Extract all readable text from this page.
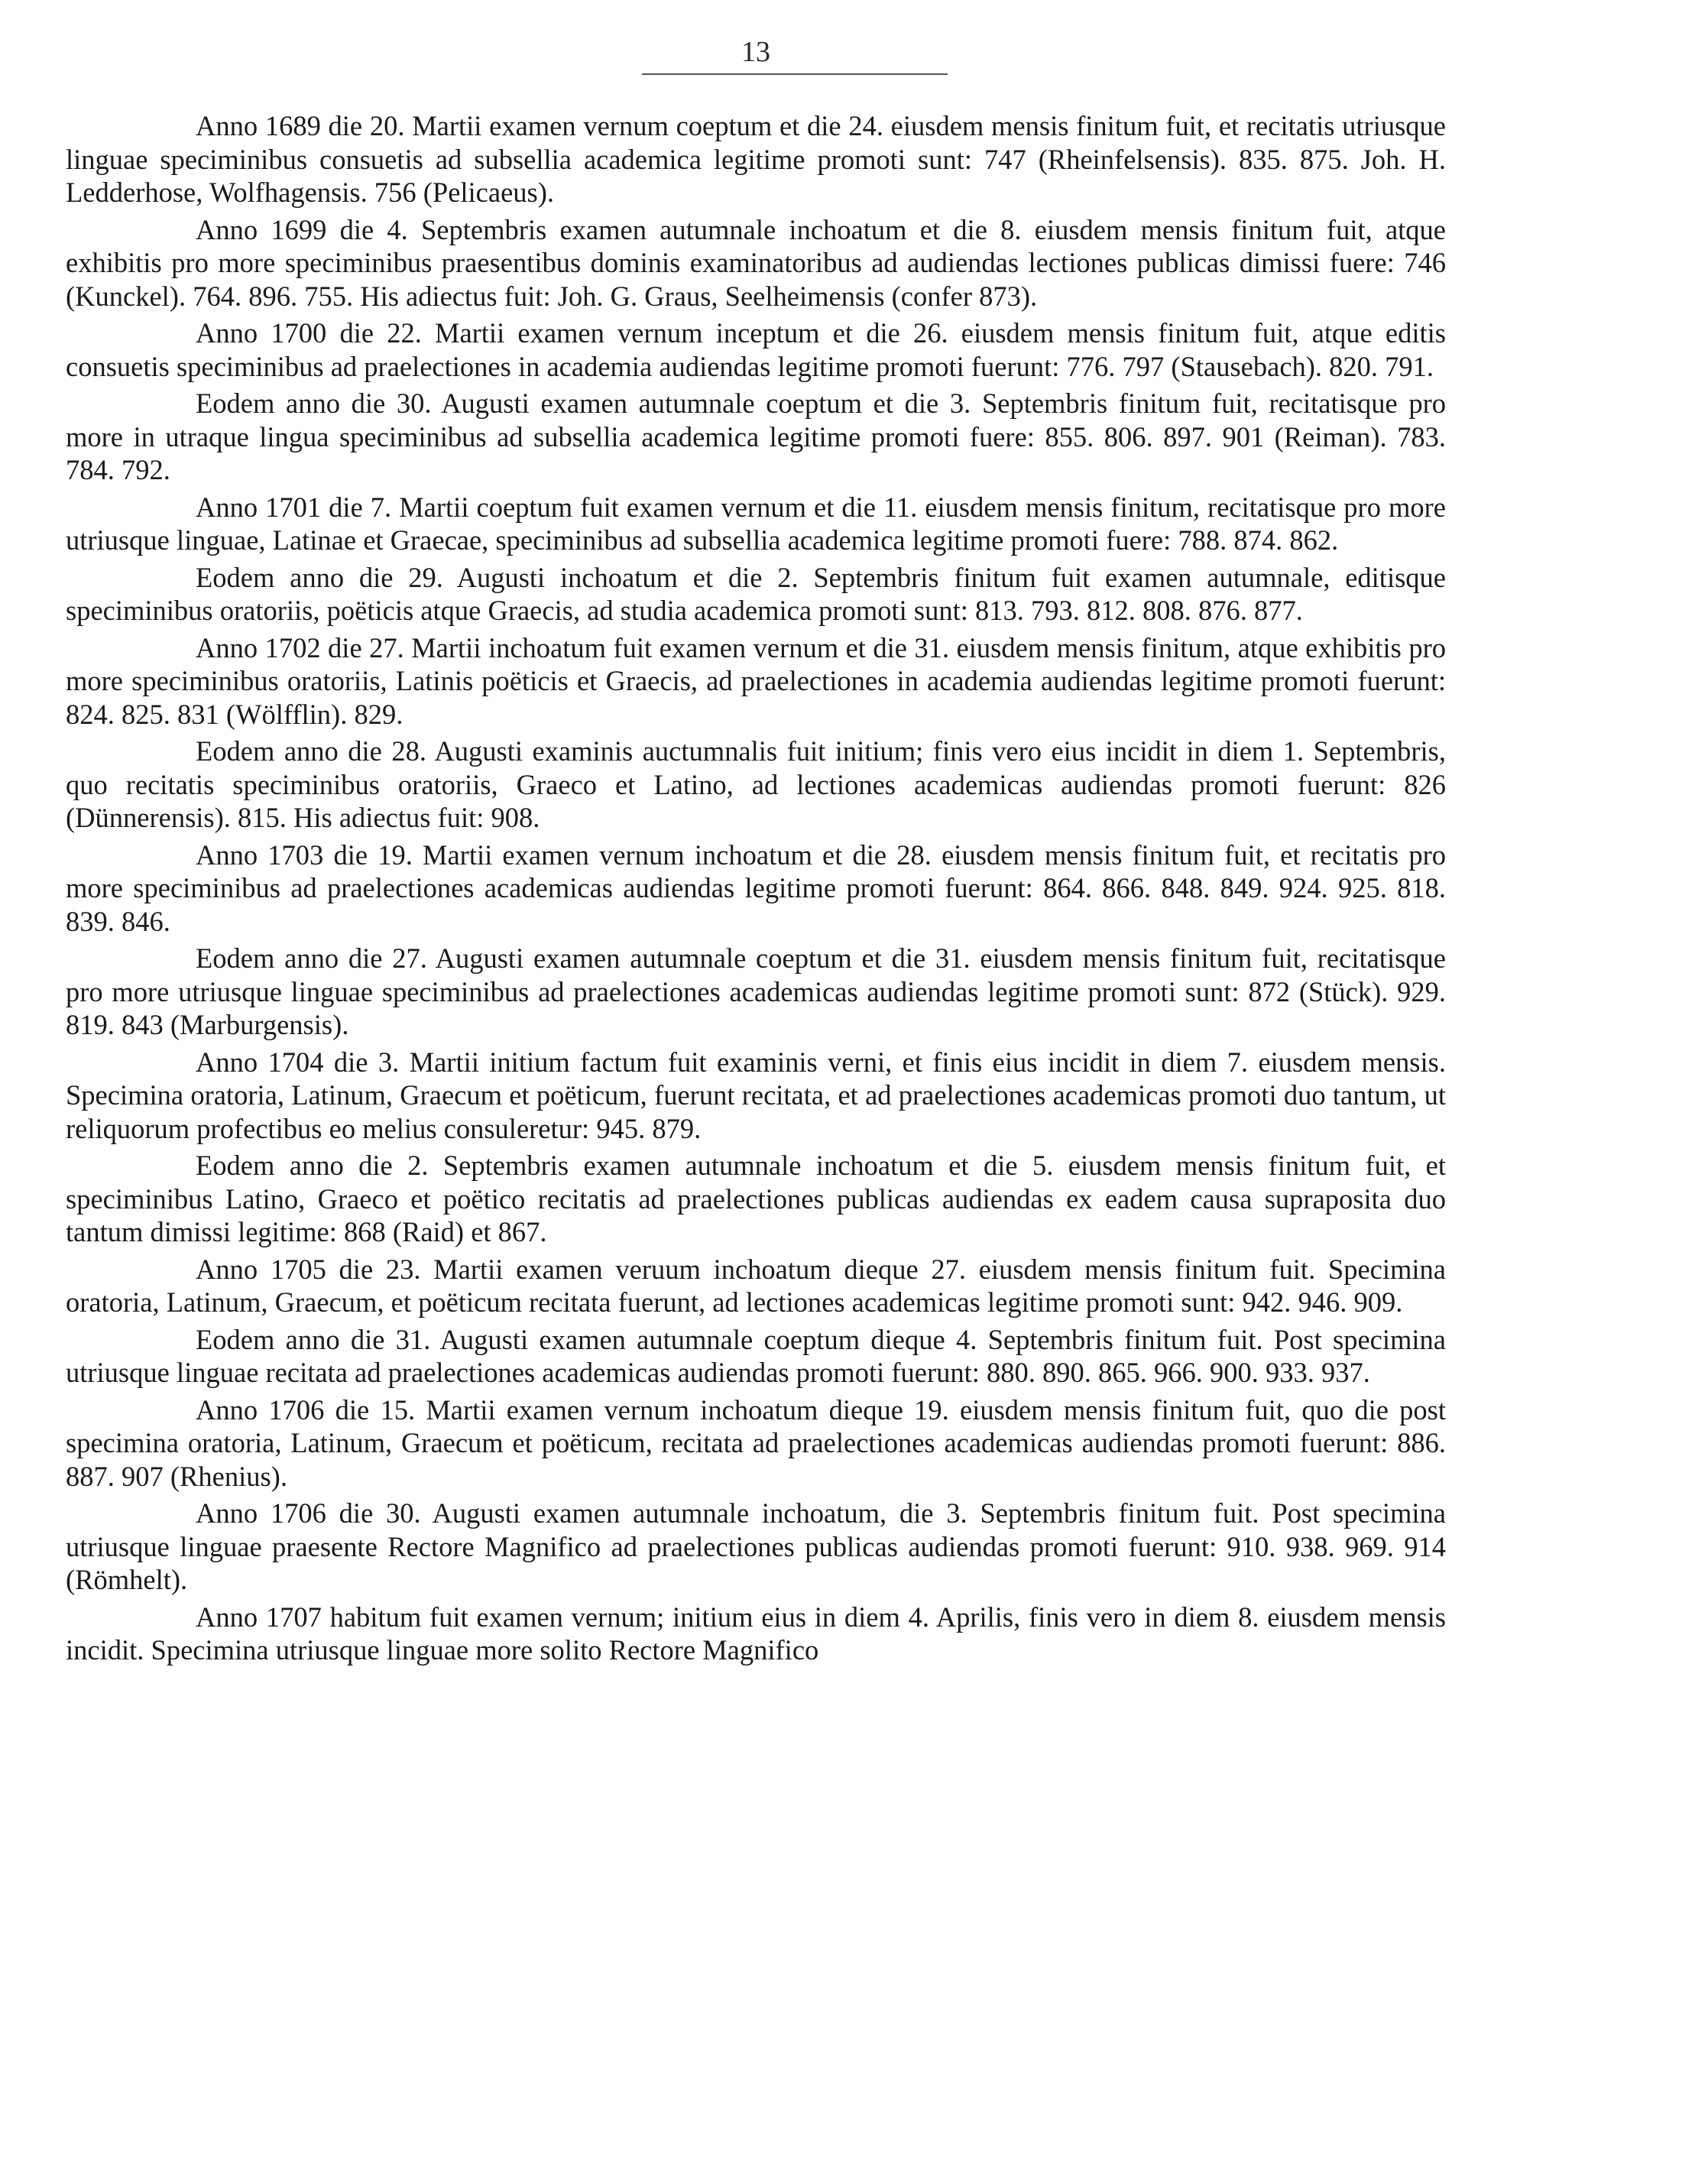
13

Anno 1689 die 20. Martii examen vernum coeptum et die 24. eiusdem mensis finitum fuit, et recitatis utriusque linguae speciminibus consuetis ad subsellia academica legitime promoti sunt: 747 (Rheinfelsensis). 835. 875. Joh. H. Ledderhose, Wolfhagensis. 756 (Pelicaeus).

Anno 1699 die 4. Septembris examen autumnale inchoatum et die 8. eiusdem mensis finitum fuit, atque exhibitis pro more speciminibus praesentibus dominis examinatoribus ad audiendas lectiones publicas dimissi fuere: 746 (Kunckel). 764. 896. 755. His adiectus fuit: Joh. G. Graus, Seelheimensis (confer 873).

Anno 1700 die 22. Martii examen vernum inceptum et die 26. eiusdem mensis finitum fuit, atque editis consuetis speciminibus ad praelectiones in academia audiendas legitime promoti fuerunt: 776. 797 (Stausebach). 820. 791.

Eodem anno die 30. Augusti examen autumnale coeptum et die 3. Septembris finitum fuit, recitatisque pro more in utraque lingua speciminibus ad subsellia academica legitime promoti fuere: 855. 806. 897. 901 (Reiman). 783. 784. 792.

Anno 1701 die 7. Martii coeptum fuit examen vernum et die 11. eiusdem mensis finitum, recitatisque pro more utriusque linguae, Latinae et Graecae, speciminibus ad subsellia academica legitime promoti fuere: 788. 874. 862.

Eodem anno die 29. Augusti inchoatum et die 2. Septembris finitum fuit examen autumnale, editisque speciminibus oratoriis, poëticis atque Graecis, ad studia academica promoti sunt: 813. 793. 812. 808. 876. 877.

Anno 1702 die 27. Martii inchoatum fuit examen vernum et die 31. eiusdem mensis finitum, atque exhibitis pro more speciminibus oratoriis, Latinis poëticis et Graecis, ad praelectiones in academia audiendas legitime promoti fuerunt: 824. 825. 831 (Wölfflin). 829.

Eodem anno die 28. Augusti examinis auctumnalis fuit initium; finis vero eius incidit in diem 1. Septembris, quo recitatis speciminibus oratoriis, Graeco et Latino, ad lectiones academicas audiendas promoti fuerunt: 826 (Dünnerensis). 815. His adiectus fuit: 908.

Anno 1703 die 19. Martii examen vernum inchoatum et die 28. eiusdem mensis finitum fuit, et recitatis pro more speciminibus ad praelectiones academicas audiendas legitime promoti fuerunt: 864. 866. 848. 849. 924. 925. 818. 839. 846.

Eodem anno die 27. Augusti examen autumnale coeptum et die 31. eiusdem mensis finitum fuit, recitatisque pro more utriusque linguae speciminibus ad praelectiones academicas audiendas legitime promoti sunt: 872 (Stück). 929. 819. 843 (Marburgensis).

Anno 1704 die 3. Martii initium factum fuit examinis verni, et finis eius incidit in diem 7. eiusdem mensis. Specimina oratoria, Latinum, Graecum et poëticum, fuerunt recitata, et ad praelectiones academicas promoti duo tantum, ut reliquorum profectibus eo melius consuleretur: 945. 879.

Eodem anno die 2. Septembris examen autumnale inchoatum et die 5. eiusdem mensis finitum fuit, et speciminibus Latino, Graeco et poëtico recitatis ad praelectiones publicas audiendas ex eadem causa supraposita duo tantum dimissi legitime: 868 (Raid) et 867.

Anno 1705 die 23. Martii examen veruum inchoatum dieque 27. eiusdem mensis finitum fuit. Specimina oratoria, Latinum, Graecum, et poëticum recitata fuerunt, ad lectiones academicas legitime promoti sunt: 942. 946. 909.

Eodem anno die 31. Augusti examen autumnale coeptum dieque 4. Septembris finitum fuit. Post specimina utriusque linguae recitata ad praelectiones academicas audiendas promoti fuerunt: 880. 890. 865. 966. 900. 933. 937.

Anno 1706 die 15. Martii examen vernum inchoatum dieque 19. eiusdem mensis finitum fuit, quo die post specimina oratoria, Latinum, Graecum et poëticum, recitata ad praelectiones academicas audiendas promoti fuerunt: 886. 887. 907 (Rhenius).

Anno 1706 die 30. Augusti examen autumnale inchoatum, die 3. Septembris finitum fuit. Post specimina utriusque linguae praesente Rectore Magnifico ad praelectiones publicas audiendas promoti fuerunt: 910. 938. 969. 914 (Römhelt).

Anno 1707 habitum fuit examen vernum; initium eius in diem 4. Aprilis, finis vero in diem 8. eiusdem mensis incidit. Specimina utriusque linguae more solito Rectore Magnifico
